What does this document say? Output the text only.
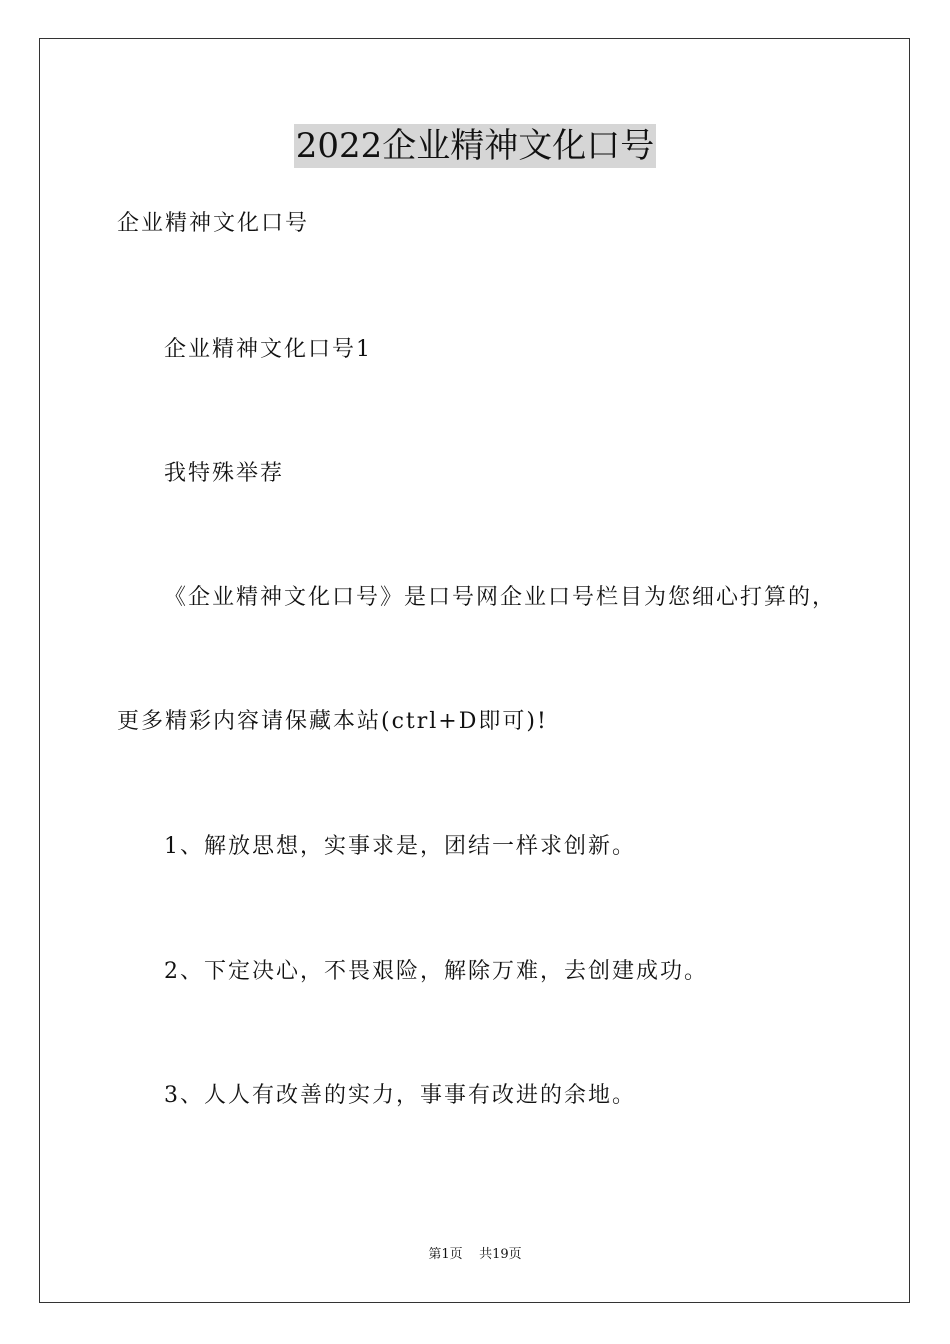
2022企业精神文化口号
企业精神文化口号
企业精神文化口号1
我特殊举荐
《企业精神文化口号》是口号网企业口号栏目为您细心打算的，
更多精彩内容请保藏本站(ctrl+D即可)!
1、解放思想，实事求是，团结一样求创新。
2、下定决心，不畏艰险，解除万难，去创建成功。
3、人人有改善的实力，事事有改进的余地。
第1页 共19页
